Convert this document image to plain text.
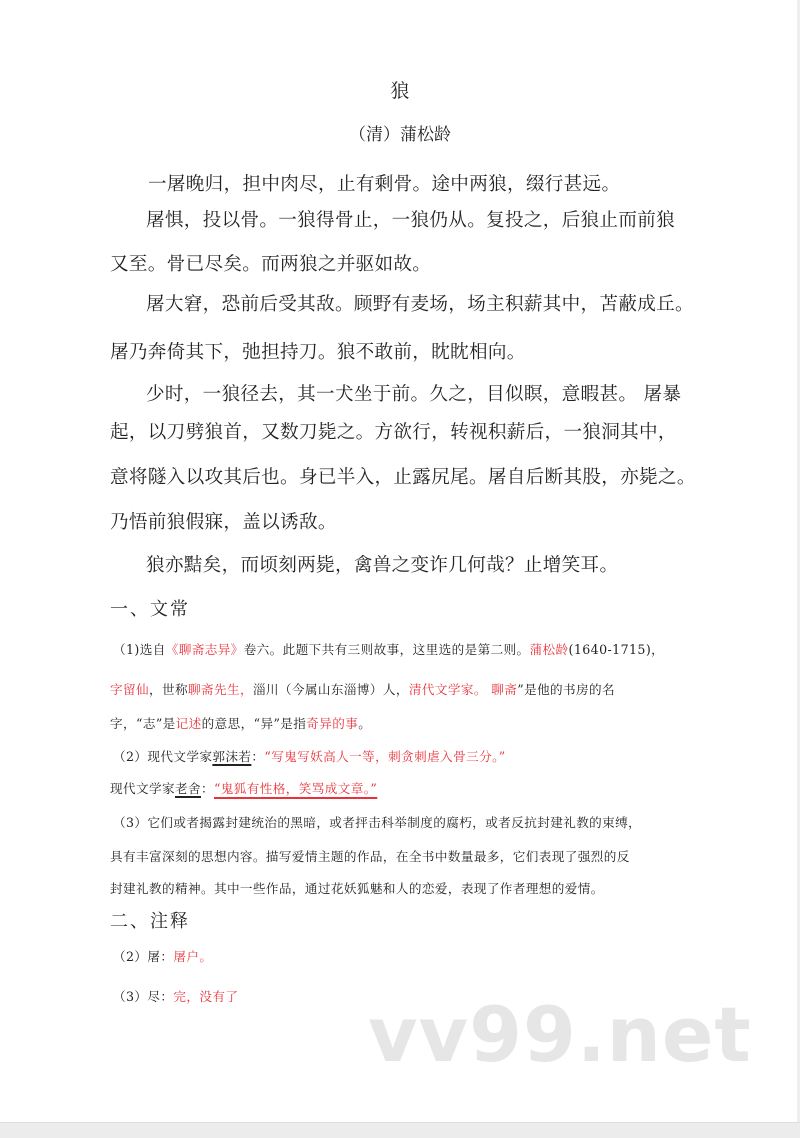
狼
（清）蒲松龄
一屠晚归，担中肉尽，止有剩骨。途中两狼，缀行甚远。
屠惧，投以骨。一狼得骨止，一狼仍从。复投之，后狼止而前狼
又至。骨已尽矣。而两狼之并驱如故。
屠大窘，恐前后受其敌。顾野有麦场，场主积薪其中，苫蔽成丘。
屠乃奔倚其下，弛担持刀。狼不敢前，眈眈相向。
少时，一狼径去，其一犬坐于前。久之，目似瞑，意暇甚。 屠暴
起，以刀劈狼首，又数刀毙之。方欲行，转视积薪后，一狼洞其中，
意将隧入以攻其后也。身已半入，止露尻尾。屠自后断其股，亦毙之。
乃悟前狼假寐，盖以诱敌。
狼亦黠矣，而顷刻两毙，禽兽之变诈几何哉？止增笑耳。
一、文常
（1)选自《聊斋志异》卷六。此题下共有三则故事，这里选的是第二则。蒲松龄(1640-1715)，
字留仙，世称聊斋先生，淄川（今属山东淄博）人，清代文学家。 聊斋”是他的书房的名
字，“志”是记述的意思，“异”是指奇异的事。
（2）现代文学家郭沫若：“写鬼写妖高人一等，刺贪刺虐入骨三分。”
现代文学家老舍：“鬼狐有性格，笑骂成文章。”
（3）它们或者揭露封建统治的黑暗，或者抨击科举制度的腐朽，或者反抗封建礼教的束缚，
具有丰富深刻的思想内容。描写爱情主题的作品，在全书中数量最多，它们表现了强烈的反
封建礼教的精神。其中一些作品，通过花妖狐魅和人的恋爱，表现了作者理想的爱情。
二、注释
（2）屠：屠户。
（3）尽：完，没有了 vv99.net
